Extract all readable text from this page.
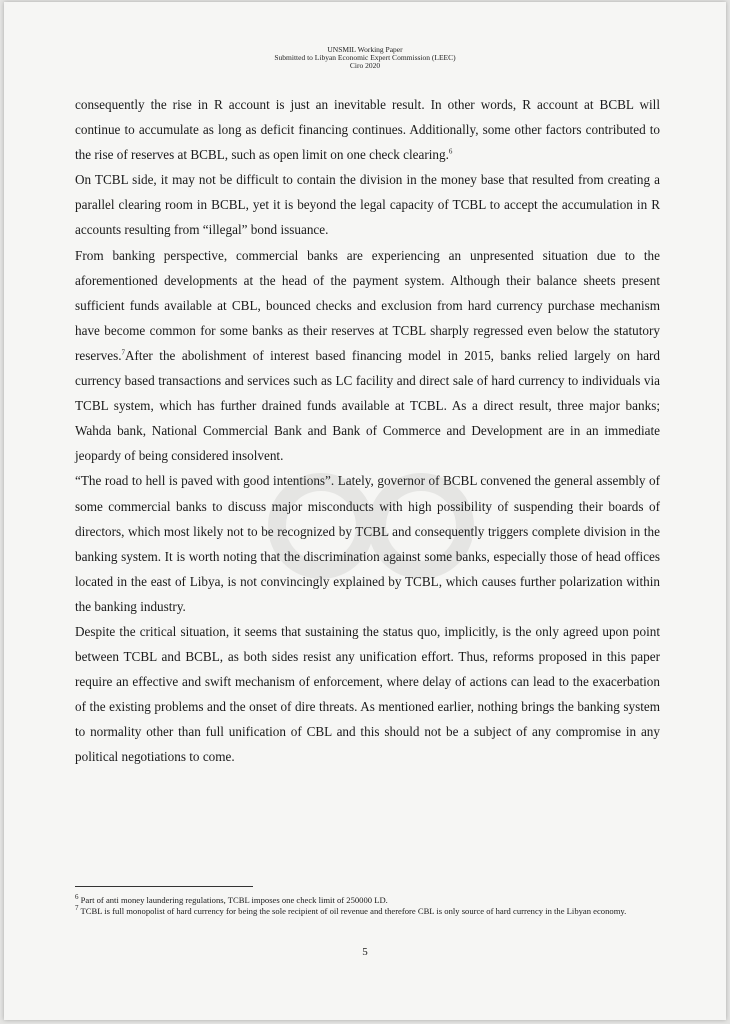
UNSMIL Working Paper
Submitted to Libyan Economic Expert Commission (LEEC)
Ciro 2020

consequently the rise in R account is just an inevitable result. In other words, R account at BCBL will continue to accumulate as long as deficit financing continues. Additionally, some other factors contributed to the rise of reserves at BCBL, such as open limit on one check clearing.$^6$

On TCBL side, it may not be difficult to contain the division in the money base that resulted from creating a parallel clearing room in BCBL, yet it is beyond the legal capacity of TCBL to accept the accumulation in R accounts resulting from “illegal” bond issuance.

From banking perspective, commercial banks are experiencing an unpresented situation due to the aforementioned developments at the head of the payment system. Although their balance sheets present sufficient funds available at CBL, bounced checks and exclusion from hard currency purchase mechanism have become common for some banks as their reserves at TCBL sharply regressed even below the statutory reserves.$^7$After the abolishment of interest based financing model in 2015, banks relied largely on hard currency based transactions and services such as LC facility and direct sale of hard currency to individuals via TCBL system, which has further drained funds available at TCBL. As a direct result, three major banks; Wahda bank, National Commercial Bank and Bank of Commerce and Development are in an immediate jeopardy of being considered insolvent.

“The road to hell is paved with good intentions”. Lately, governor of BCBL convened the general assembly of some commercial banks to discuss major misconducts with high possibility of suspending their boards of directors, which most likely not to be recognized by TCBL and consequently triggers complete division in the banking system. It is worth noting that the discrimination against some banks, especially those of head offices located in the east of Libya, is not convincingly explained by TCBL, which causes further polarization within the banking industry.

Despite the critical situation, it seems that sustaining the status quo, implicitly, is the only agreed upon point between TCBL and BCBL, as both sides resist any unification effort. Thus, reforms proposed in this paper require an effective and swift mechanism of enforcement, where delay of actions can lead to the exacerbation of the existing problems and the onset of dire threats. As mentioned earlier, nothing brings the banking system to normality other than full unification of CBL and this should not be a subject of any compromise in any political negotiations to come.

$^6$ Part of anti money laundering regulations, TCBL imposes one check limit of 250000 LD.

$^7$ TCBL is full monopolist of hard currency for being the sole recipient of oil revenue and therefore CBL is only source of hard currency in the Libyan economy.

5
